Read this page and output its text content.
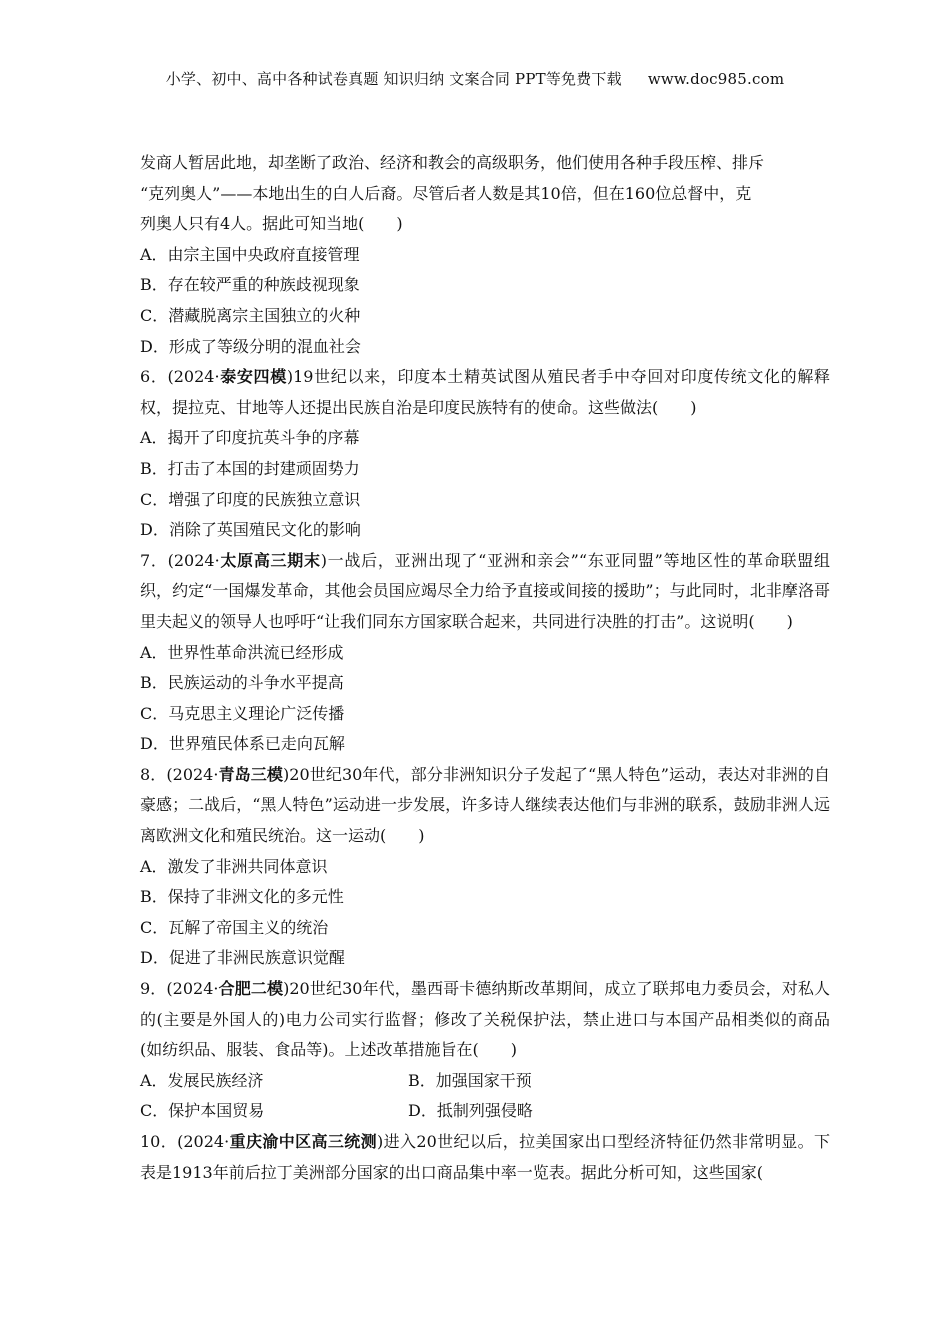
小学、初中、高中各种试卷真题 知识归纳 文案合同 PPT等免费下载 www.doc985.com
发商人暂居此地，却垄断了政治、经济和教会的高级职务，他们使用各种手段压榨、排斥
“克列奥人”——本地出生的白人后裔。尽管后者人数是其10倍，但在160位总督中，克
列奥人只有4人。据此可知当地(　　)
A．由宗主国中央政府直接管理
B．存在较严重的种族歧视现象
C．潜藏脱离宗主国独立的火种
D．形成了等级分明的混血社会
6．(2024·泰安四模)19世纪以来，印度本土精英试图从殖民者手中夺回对印度传统文化的解释权，提拉克、甘地等人还提出民族自治是印度民族特有的使命。这些做法(　　)
A．揭开了印度抗英斗争的序幕
B．打击了本国的封建顽固势力
C．增强了印度的民族独立意识
D．消除了英国殖民文化的影响
7．(2024·太原高三期末)一战后，亚洲出现了“亚洲和亲会”“东亚同盟”等地区性的革命联盟组织，约定“一国爆发革命，其他会员国应竭尽全力给予直接或间接的援助”；与此同时，北非摩洛哥里夫起义的领导人也呼吁“让我们同东方国家联合起来，共同进行决胜的打击”。这说明(　　)
A．世界性革命洪流已经形成
B．民族运动的斗争水平提高
C．马克思主义理论广泛传播
D．世界殖民体系已走向瓦解
8．(2024·青岛三模)20世纪30年代，部分非洲知识分子发起了“黑人特色”运动，表达对非洲的自豪感；二战后，“黑人特色”运动进一步发展，许多诗人继续表达他们与非洲的联系，鼓励非洲人远离欧洲文化和殖民统治。这一运动(　　)
A．激发了非洲共同体意识
B．保持了非洲文化的多元性
C．瓦解了帝国主义的统治
D．促进了非洲民族意识觉醒
9．(2024·合肥二模)20世纪30年代，墨西哥卡德纳斯改革期间，成立了联邦电力委员会，对私人的(主要是外国人的)电力公司实行监督；修改了关税保护法，禁止进口与本国产品相类似的商品(如纺织品、服装、食品等)。上述改革措施旨在(　　)
A．发展民族经济	B．加强国家干预
C．保护本国贸易	D．抵制列强侵略
10．(2024·重庆渝中区高三统测)进入20世纪以后，拉美国家出口型经济特征仍然非常明显。下表是1913年前后拉丁美洲部分国家的出口商品集中率一览表。据此分析可知，这些国家(
